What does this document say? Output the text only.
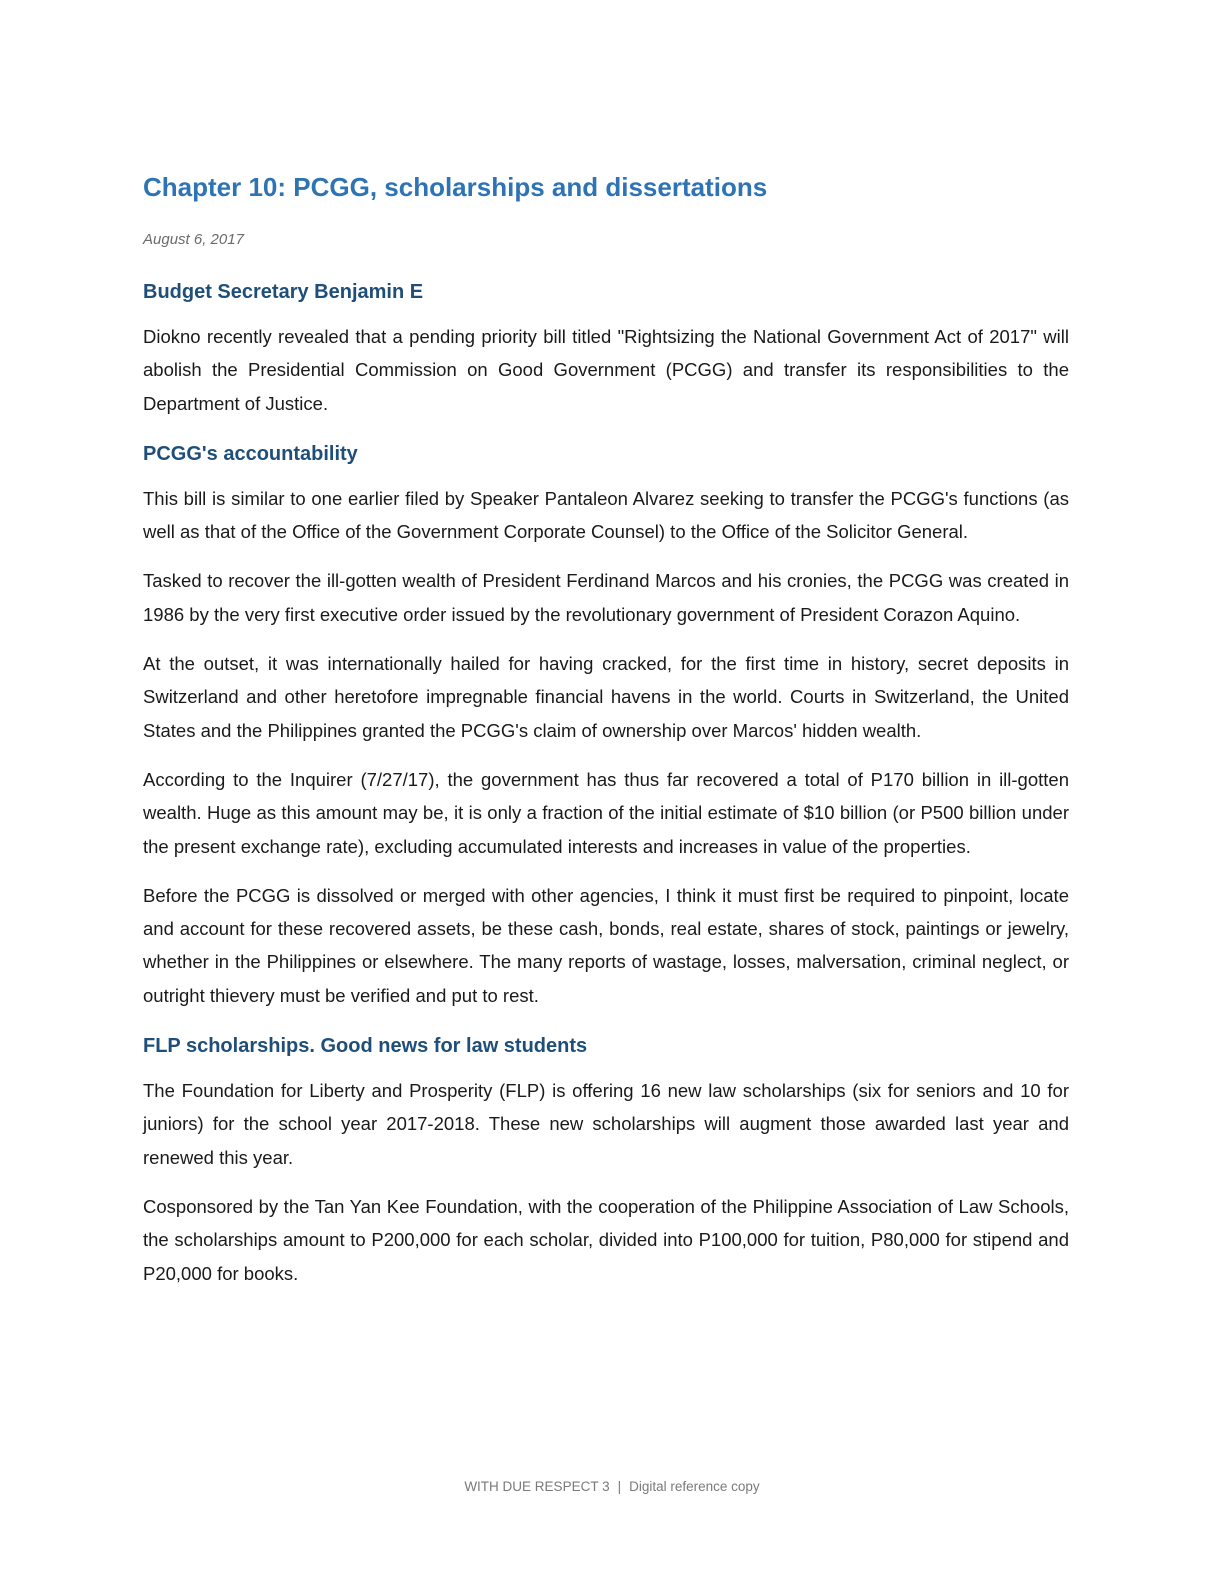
Chapter 10: PCGG, scholarships and dissertations

August 6, 2017

Budget Secretary Benjamin E

Diokno recently revealed that a pending priority bill titled "Rightsizing the National Government Act of 2017" will abolish the Presidential Commission on Good Government (PCGG) and transfer its responsibilities to the Department of Justice.

PCGG's accountability

This bill is similar to one earlier filed by Speaker Pantaleon Alvarez seeking to transfer the PCGG's functions (as well as that of the Office of the Government Corporate Counsel) to the Office of the Solicitor General.

Tasked to recover the ill-gotten wealth of President Ferdinand Marcos and his cronies, the PCGG was created in 1986 by the very first executive order issued by the revolutionary government of President Corazon Aquino.

At the outset, it was internationally hailed for having cracked, for the first time in history, secret deposits in Switzerland and other heretofore impregnable financial havens in the world. Courts in Switzerland, the United States and the Philippines granted the PCGG's claim of ownership over Marcos' hidden wealth.

According to the Inquirer (7/27/17), the government has thus far recovered a total of P170 billion in ill-gotten wealth. Huge as this amount may be, it is only a fraction of the initial estimate of $10 billion (or P500 billion under the present exchange rate), excluding accumulated interests and increases in value of the properties.

Before the PCGG is dissolved or merged with other agencies, I think it must first be required to pinpoint, locate and account for these recovered assets, be these cash, bonds, real estate, shares of stock, paintings or jewelry, whether in the Philippines or elsewhere. The many reports of wastage, losses, malversation, criminal neglect, or outright thievery must be verified and put to rest.

FLP scholarships. Good news for law students

The Foundation for Liberty and Prosperity (FLP) is offering 16 new law scholarships (six for seniors and 10 for juniors) for the school year 2017-2018. These new scholarships will augment those awarded last year and renewed this year.

Cosponsored by the Tan Yan Kee Foundation, with the cooperation of the Philippine Association of Law Schools, the scholarships amount to P200,000 for each scholar, divided into P100,000 for tuition, P80,000 for stipend and P20,000 for books.

WITH DUE RESPECT 3 | Digital reference copy
